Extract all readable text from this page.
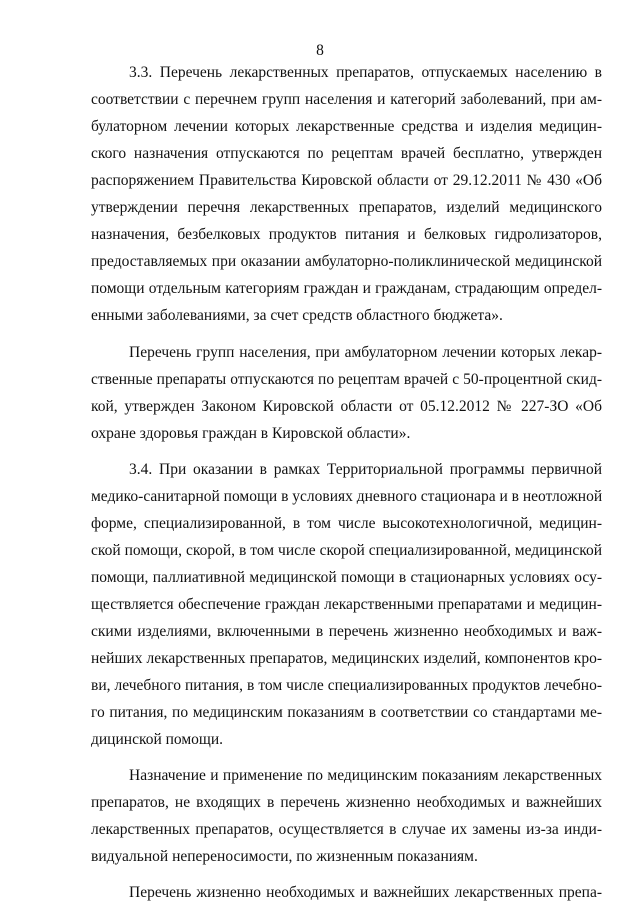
8
3.3. Перечень лекарственных препаратов, отпускаемых населению в
соответствии с перечнем групп населения и категорий заболеваний, при ам-
булаторном лечении которых лекарственные средства и изделия медицин-
ского назначения отпускаются по рецептам врачей бесплатно, утвержден
распоряжением Правительства Кировской области от 29.12.2011 № 430 «Об
утверждении перечня лекарственных препаратов, изделий медицинского
назначения, безбелковых продуктов питания и белковых гидролизаторов,
предоставляемых при оказании амбулаторно-поликлинической медицинской
помощи отдельным категориям граждан и гражданам, страдающим определ-
енными заболеваниями, за счет средств областного бюджета».
Перечень групп населения, при амбулаторном лечении которых лекар-
ственные препараты отпускаются по рецептам врачей с 50-процентной скид-
кой, утвержден Законом Кировской области от 05.12.2012 № 227-ЗО «Об
охране здоровья граждан в Кировской области».
3.4. При оказании в рамках Территориальной программы первичной
медико-санитарной помощи в условиях дневного стационара и в неотложной
форме, специализированной, в том числе высокотехнологичной, медицин-
ской помощи, скорой, в том числе скорой специализированной, медицинской
помощи, паллиативной медицинской помощи в стационарных условиях осу-
ществляется обеспечение граждан лекарственными препаратами и медицин-
скими изделиями, включенными в перечень жизненно необходимых и важ-
нейших лекарственных препаратов, медицинских изделий, компонентов кро-
ви, лечебного питания, в том числе специализированных продуктов лечебно-
го питания, по медицинским показаниям в соответствии со стандартами ме-
дицинской помощи.
Назначение и применение по медицинским показаниям лекарственных
препаратов, не входящих в перечень жизненно необходимых и важнейших
лекарственных препаратов, осуществляется в случае их замены из-за инди-
видуальной непереносимости, по жизненным показаниям.
Перечень жизненно необходимых и важнейших лекарственных препа-
